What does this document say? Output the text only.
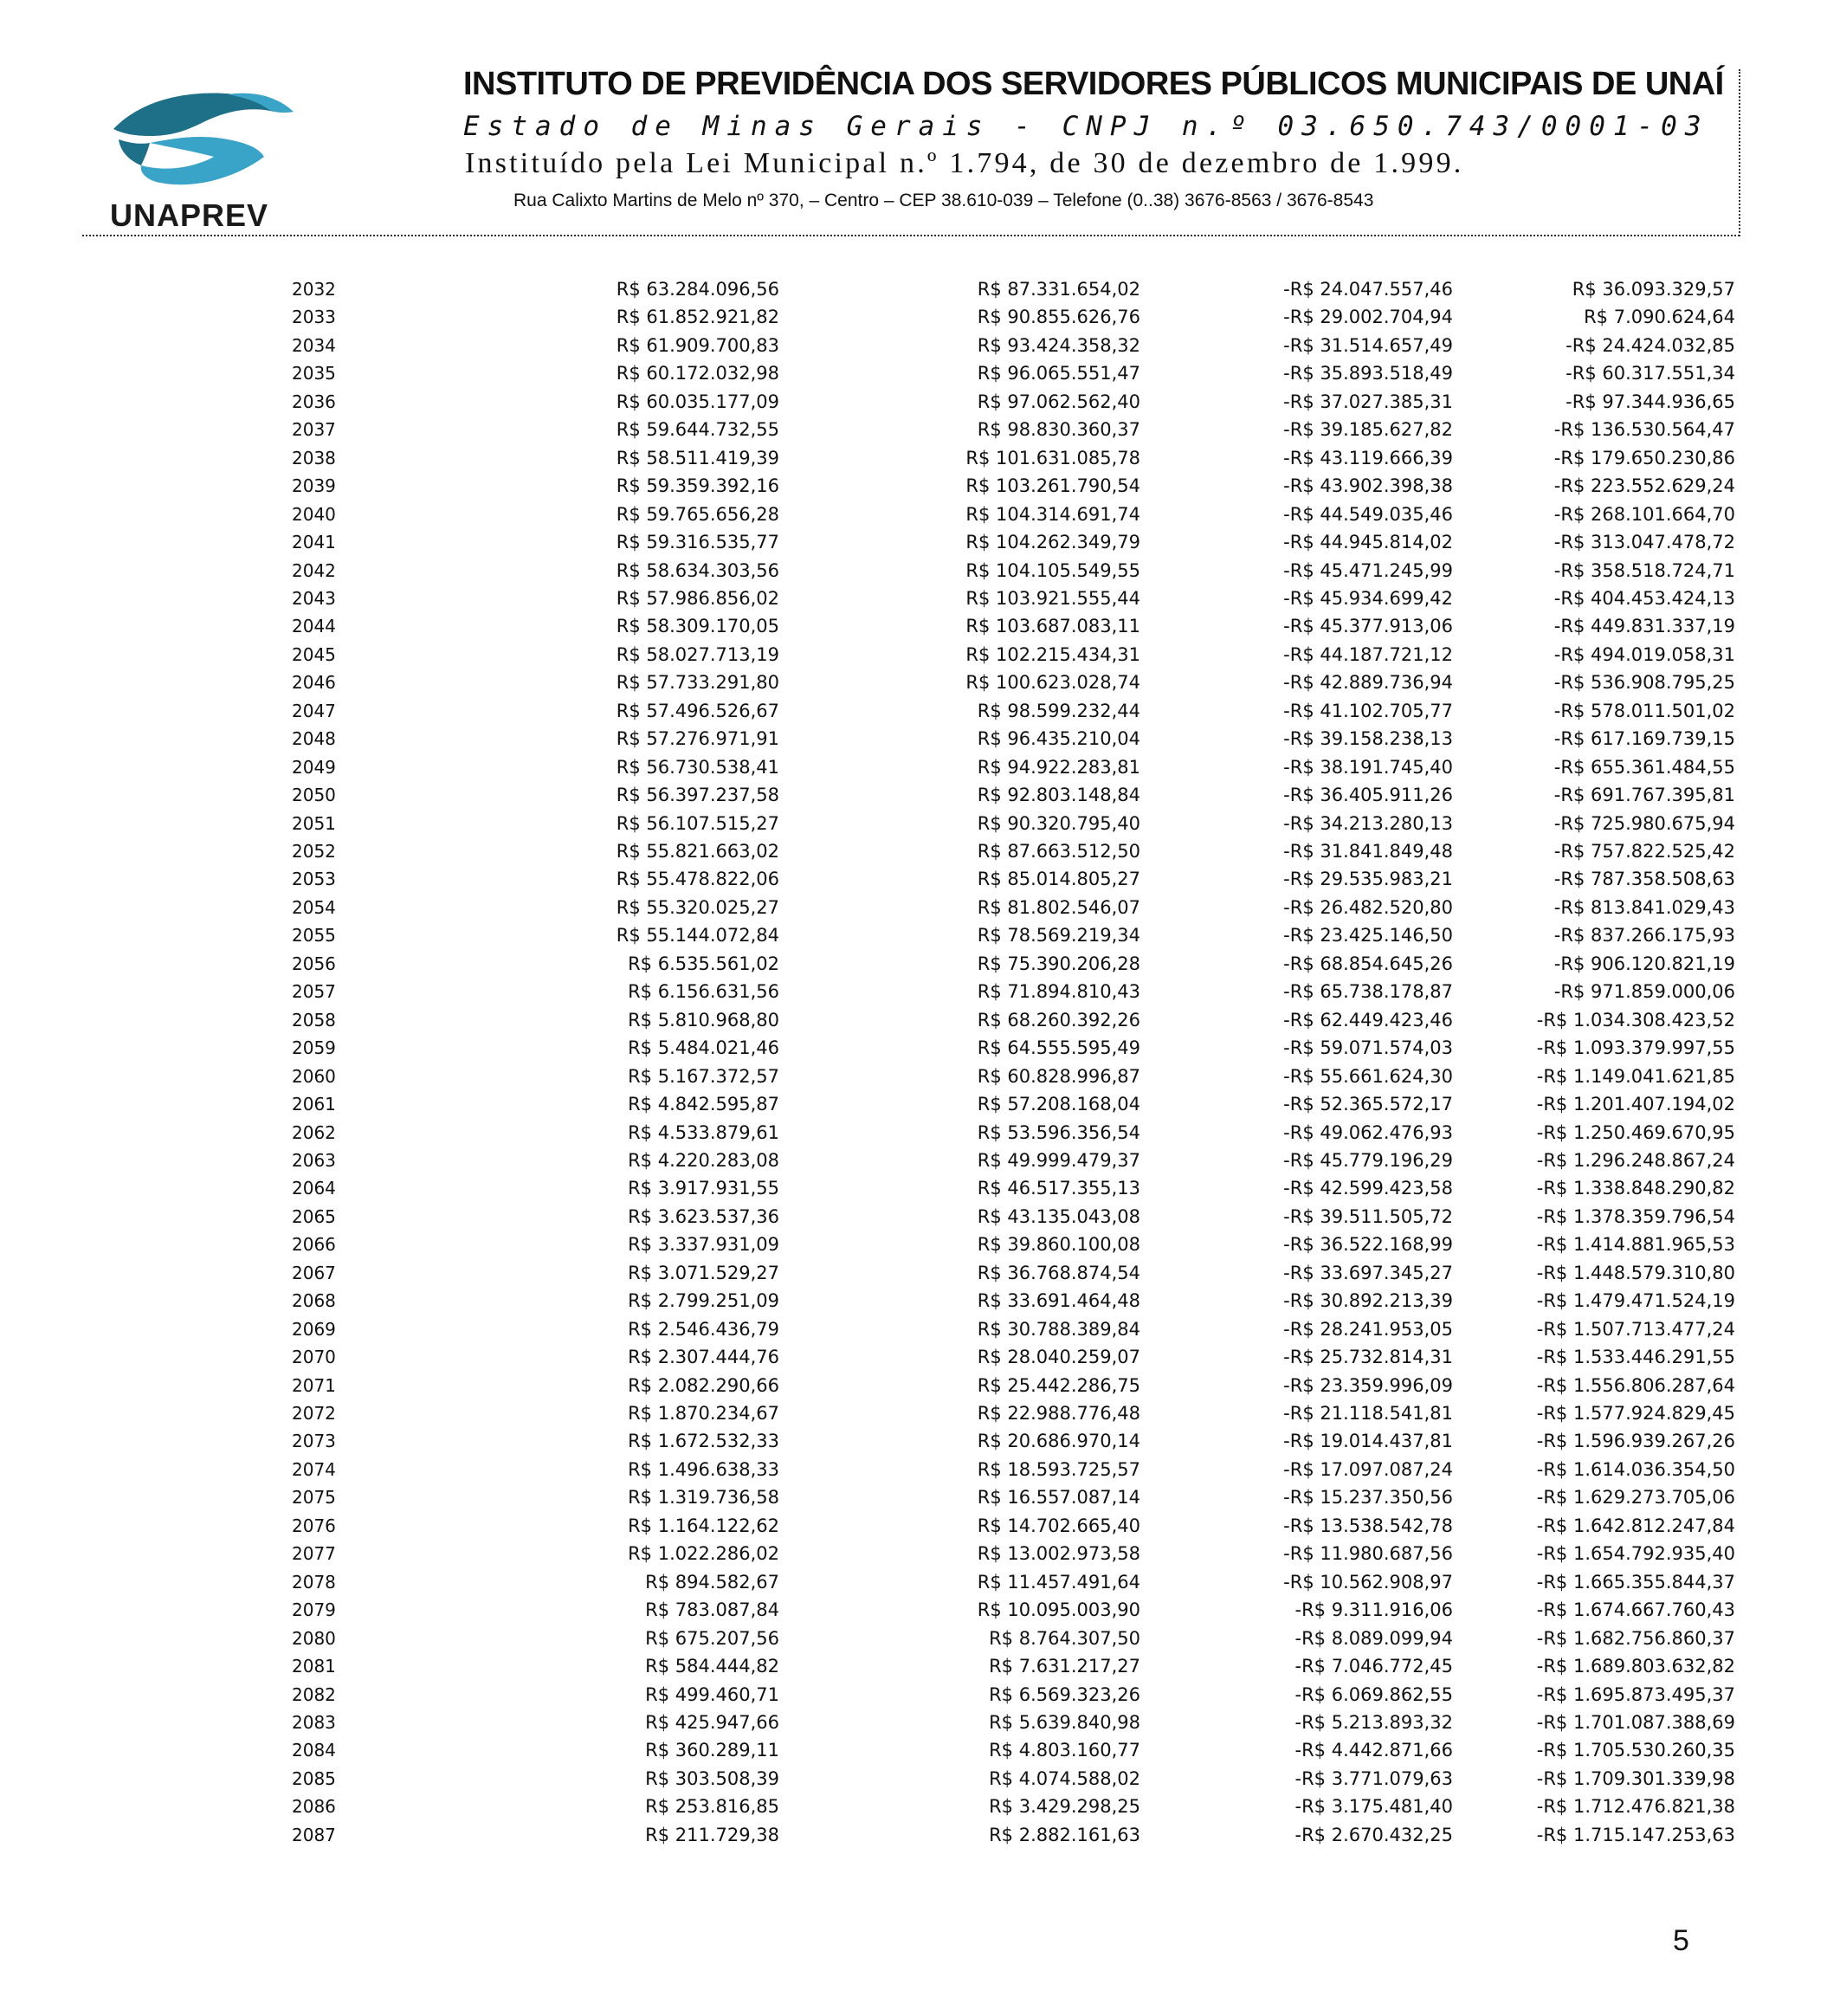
UNAPREV
INSTITUTO DE PREVIDÊNCIA DOS SERVIDORES PÚBLICOS MUNICIPAIS DE UNAÍ
Estado de Minas Gerais - CNPJ n.º 03.650.743/0001-03
Instituído pela Lei Municipal n.º 1.794, de 30 de dezembro de 1.999.
Rua Calixto Martins de Melo nº 370, – Centro – CEP 38.610-039 – Telefone (0..38) 3676-8563 / 3676-8543
2032	R$ 63.284.096,56	R$ 87.331.654,02	-R$ 24.047.557,46	R$ 36.093.329,57
2033	R$ 61.852.921,82	R$ 90.855.626,76	-R$ 29.002.704,94	R$ 7.090.624,64
2034	R$ 61.909.700,83	R$ 93.424.358,32	-R$ 31.514.657,49	-R$ 24.424.032,85
2035	R$ 60.172.032,98	R$ 96.065.551,47	-R$ 35.893.518,49	-R$ 60.317.551,34
2036	R$ 60.035.177,09	R$ 97.062.562,40	-R$ 37.027.385,31	-R$ 97.344.936,65
2037	R$ 59.644.732,55	R$ 98.830.360,37	-R$ 39.185.627,82	-R$ 136.530.564,47
2038	R$ 58.511.419,39	R$ 101.631.085,78	-R$ 43.119.666,39	-R$ 179.650.230,86
2039	R$ 59.359.392,16	R$ 103.261.790,54	-R$ 43.902.398,38	-R$ 223.552.629,24
2040	R$ 59.765.656,28	R$ 104.314.691,74	-R$ 44.549.035,46	-R$ 268.101.664,70
2041	R$ 59.316.535,77	R$ 104.262.349,79	-R$ 44.945.814,02	-R$ 313.047.478,72
2042	R$ 58.634.303,56	R$ 104.105.549,55	-R$ 45.471.245,99	-R$ 358.518.724,71
2043	R$ 57.986.856,02	R$ 103.921.555,44	-R$ 45.934.699,42	-R$ 404.453.424,13
2044	R$ 58.309.170,05	R$ 103.687.083,11	-R$ 45.377.913,06	-R$ 449.831.337,19
2045	R$ 58.027.713,19	R$ 102.215.434,31	-R$ 44.187.721,12	-R$ 494.019.058,31
2046	R$ 57.733.291,80	R$ 100.623.028,74	-R$ 42.889.736,94	-R$ 536.908.795,25
2047	R$ 57.496.526,67	R$ 98.599.232,44	-R$ 41.102.705,77	-R$ 578.011.501,02
2048	R$ 57.276.971,91	R$ 96.435.210,04	-R$ 39.158.238,13	-R$ 617.169.739,15
2049	R$ 56.730.538,41	R$ 94.922.283,81	-R$ 38.191.745,40	-R$ 655.361.484,55
2050	R$ 56.397.237,58	R$ 92.803.148,84	-R$ 36.405.911,26	-R$ 691.767.395,81
2051	R$ 56.107.515,27	R$ 90.320.795,40	-R$ 34.213.280,13	-R$ 725.980.675,94
2052	R$ 55.821.663,02	R$ 87.663.512,50	-R$ 31.841.849,48	-R$ 757.822.525,42
2053	R$ 55.478.822,06	R$ 85.014.805,27	-R$ 29.535.983,21	-R$ 787.358.508,63
2054	R$ 55.320.025,27	R$ 81.802.546,07	-R$ 26.482.520,80	-R$ 813.841.029,43
2055	R$ 55.144.072,84	R$ 78.569.219,34	-R$ 23.425.146,50	-R$ 837.266.175,93
2056	R$ 6.535.561,02	R$ 75.390.206,28	-R$ 68.854.645,26	-R$ 906.120.821,19
2057	R$ 6.156.631,56	R$ 71.894.810,43	-R$ 65.738.178,87	-R$ 971.859.000,06
2058	R$ 5.810.968,80	R$ 68.260.392,26	-R$ 62.449.423,46	-R$ 1.034.308.423,52
2059	R$ 5.484.021,46	R$ 64.555.595,49	-R$ 59.071.574,03	-R$ 1.093.379.997,55
2060	R$ 5.167.372,57	R$ 60.828.996,87	-R$ 55.661.624,30	-R$ 1.149.041.621,85
2061	R$ 4.842.595,87	R$ 57.208.168,04	-R$ 52.365.572,17	-R$ 1.201.407.194,02
2062	R$ 4.533.879,61	R$ 53.596.356,54	-R$ 49.062.476,93	-R$ 1.250.469.670,95
2063	R$ 4.220.283,08	R$ 49.999.479,37	-R$ 45.779.196,29	-R$ 1.296.248.867,24
2064	R$ 3.917.931,55	R$ 46.517.355,13	-R$ 42.599.423,58	-R$ 1.338.848.290,82
2065	R$ 3.623.537,36	R$ 43.135.043,08	-R$ 39.511.505,72	-R$ 1.378.359.796,54
2066	R$ 3.337.931,09	R$ 39.860.100,08	-R$ 36.522.168,99	-R$ 1.414.881.965,53
2067	R$ 3.071.529,27	R$ 36.768.874,54	-R$ 33.697.345,27	-R$ 1.448.579.310,80
2068	R$ 2.799.251,09	R$ 33.691.464,48	-R$ 30.892.213,39	-R$ 1.479.471.524,19
2069	R$ 2.546.436,79	R$ 30.788.389,84	-R$ 28.241.953,05	-R$ 1.507.713.477,24
2070	R$ 2.307.444,76	R$ 28.040.259,07	-R$ 25.732.814,31	-R$ 1.533.446.291,55
2071	R$ 2.082.290,66	R$ 25.442.286,75	-R$ 23.359.996,09	-R$ 1.556.806.287,64
2072	R$ 1.870.234,67	R$ 22.988.776,48	-R$ 21.118.541,81	-R$ 1.577.924.829,45
2073	R$ 1.672.532,33	R$ 20.686.970,14	-R$ 19.014.437,81	-R$ 1.596.939.267,26
2074	R$ 1.496.638,33	R$ 18.593.725,57	-R$ 17.097.087,24	-R$ 1.614.036.354,50
2075	R$ 1.319.736,58	R$ 16.557.087,14	-R$ 15.237.350,56	-R$ 1.629.273.705,06
2076	R$ 1.164.122,62	R$ 14.702.665,40	-R$ 13.538.542,78	-R$ 1.642.812.247,84
2077	R$ 1.022.286,02	R$ 13.002.973,58	-R$ 11.980.687,56	-R$ 1.654.792.935,40
2078	R$ 894.582,67	R$ 11.457.491,64	-R$ 10.562.908,97	-R$ 1.665.355.844,37
2079	R$ 783.087,84	R$ 10.095.003,90	-R$ 9.311.916,06	-R$ 1.674.667.760,43
2080	R$ 675.207,56	R$ 8.764.307,50	-R$ 8.089.099,94	-R$ 1.682.756.860,37
2081	R$ 584.444,82	R$ 7.631.217,27	-R$ 7.046.772,45	-R$ 1.689.803.632,82
2082	R$ 499.460,71	R$ 6.569.323,26	-R$ 6.069.862,55	-R$ 1.695.873.495,37
2083	R$ 425.947,66	R$ 5.639.840,98	-R$ 5.213.893,32	-R$ 1.701.087.388,69
2084	R$ 360.289,11	R$ 4.803.160,77	-R$ 4.442.871,66	-R$ 1.705.530.260,35
2085	R$ 303.508,39	R$ 4.074.588,02	-R$ 3.771.079,63	-R$ 1.709.301.339,98
2086	R$ 253.816,85	R$ 3.429.298,25	-R$ 3.175.481,40	-R$ 1.712.476.821,38
2087	R$ 211.729,38	R$ 2.882.161,63	-R$ 2.670.432,25	-R$ 1.715.147.253,63
5
